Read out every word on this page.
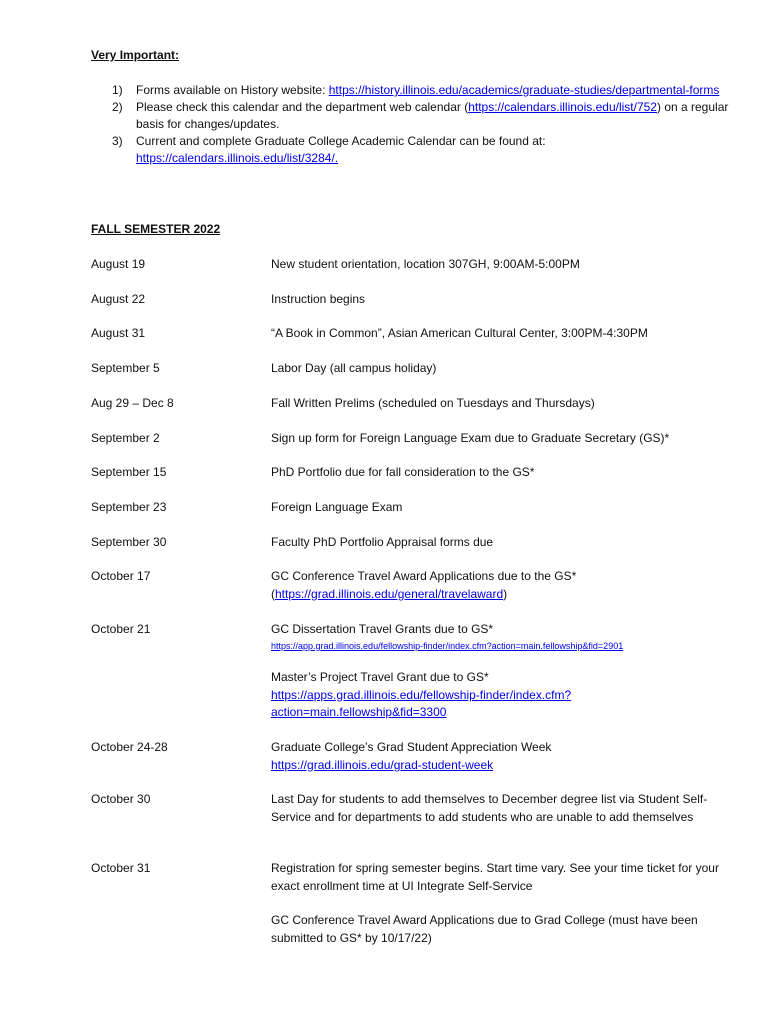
Very Important:
1) Forms available on History website: https://history.illinois.edu/academics/graduate-studies/departmental-forms
2) Please check this calendar and the department web calendar (https://calendars.illinois.edu/list/752) on a regular basis for changes/updates.
3) Current and complete Graduate College Academic Calendar can be found at: https://calendars.illinois.edu/list/3284/.
FALL SEMESTER 2022
August 19	New student orientation, location 307GH, 9:00AM-5:00PM
August 22	Instruction begins
August 31	“A Book in Common”, Asian American Cultural Center, 3:00PM-4:30PM
September 5	Labor Day (all campus holiday)
Aug 29 – Dec 8	Fall Written Prelims (scheduled on Tuesdays and Thursdays)
September 2	Sign up form for Foreign Language Exam due to Graduate Secretary (GS)*
September 15	PhD Portfolio due for fall consideration to the GS*
September 23	Foreign Language Exam
September 30	Faculty PhD Portfolio Appraisal forms due
October 17	GC Conference Travel Award Applications due to the GS*
(https://grad.illinois.edu/general/travelaward)
October 21	GC Dissertation Travel Grants due to GS*
https://app.grad.illinois.edu/fellowship-finder/index.cfm?action=main.fellowship&fid=2901
Master’s Project Travel Grant due to GS*
https://apps.grad.illinois.edu/fellowship-finder/index.cfm?action=main.fellowship&fid=3300
October 24-28	Graduate College’s Grad Student Appreciation Week
https://grad.illinois.edu/grad-student-week
October 30	Last Day for students to add themselves to December degree list via Student Self-Service and for departments to add students who are unable to add themselves
October 31	Registration for spring semester begins. Start time vary. See your time ticket for your exact enrollment time at UI Integrate Self-Service
GC Conference Travel Award Applications due to Grad College (must have been submitted to GS* by 10/17/22)
